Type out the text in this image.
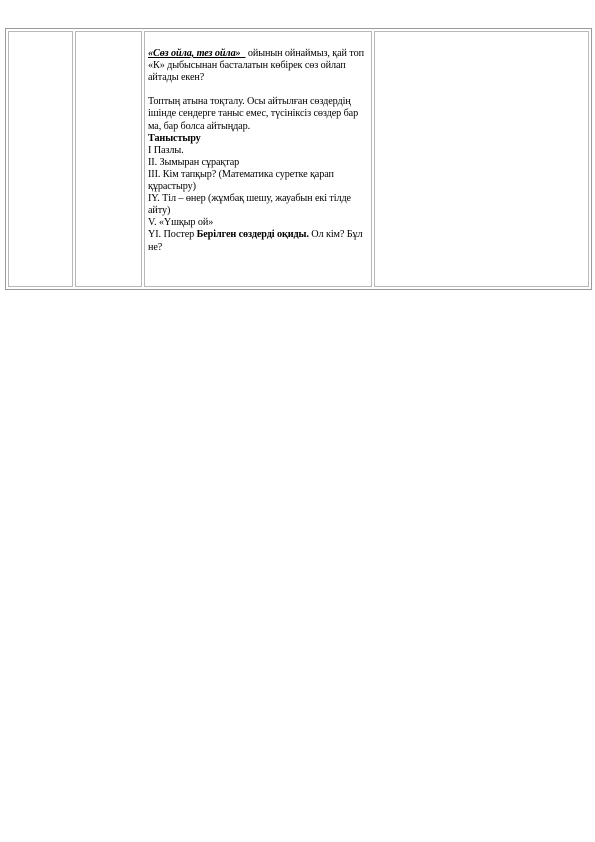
«Сөз ойла, тез ойла» ойынын ойнаймыз, қай топ «К» дыбысынан басталатын көбірек сөз ойлап айтады екен?

Топтың атына тоқталу. Осы айтылған сөздердің ішінде сендерге таныс емес, түсініксіз сөздер бар ма, бар болса айтыңдар.

Таныстыру

I Пазлы.

II. Зымыран сұрақтар

III. Кім тапқыр? (Математика суретке қарап құрастыру)

IY. Тіл – өнер (жұмбақ шешу, жауабын екі тілде айту)

V. «Үшқыр ой»

YI. Постер Берілген сөздерді оқиды. Ол кім? Бұл не?
